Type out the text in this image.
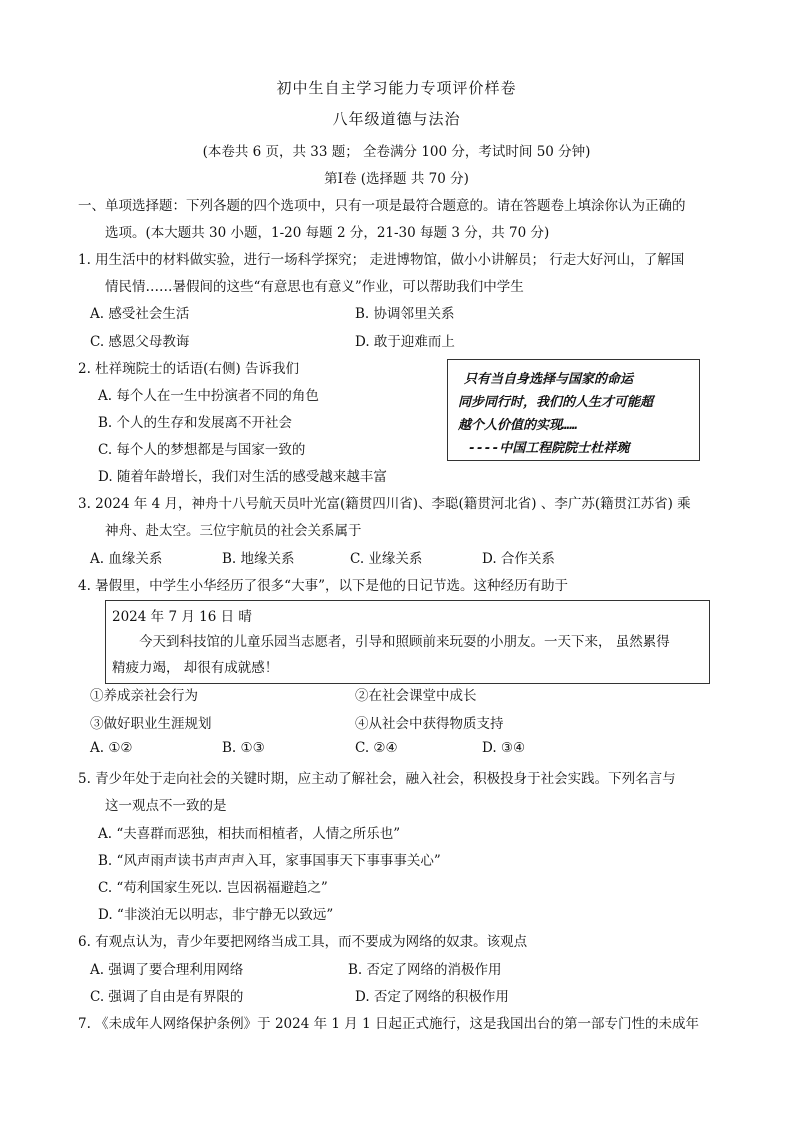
初中生自主学习能力专项评价样卷
八年级道德与法治
(本卷共 6 页，共 33 题； 全卷满分 100 分，考试时间 50 分钟)
第Ⅰ卷 (选择题 共 70 分)
一、单项选择题：下列各题的四个选项中，只有一项是最符合题意的。请在答题卷上填涂你认为正确的
选项。(本大题共 30 小题，1-20 每题 2 分，21-30 每题 3 分，共 70 分)
1. 用生活中的材料做实验，进行一场科学探究； 走进博物馆，做小小讲解员； 行走大好河山，了解国
情民情……暑假间的这些“有意思也有意义”作业，可以帮助我们中学生
A. 感受社会生活	B. 协调邻里关系
C. 感恩父母教诲	D. 敢于迎难而上
2. 杜祥琬院士的话语(右侧) 告诉我们
A. 每个人在一生中扮演者不同的角色
B. 个人的生存和发展离不开社会
C. 每个人的梦想都是与国家一致的
D. 随着年龄增长，我们对生活的感受越来越丰富
只有当自身选择与国家的命运
同步同行时，我们的人生才可能超
越个人价值的实现……
----中国工程院院士杜祥琬
3. 2024 年 4 月，神舟十八号航天员叶光富(籍贯四川省)、李聪(籍贯河北省) 、李广苏(籍贯江苏省) 乘
神舟、赴太空。三位宇航员的社会关系属于
A. 血缘关系	B. 地缘关系	C. 业缘关系	D. 合作关系
4. 暑假里，中学生小华经历了很多“大事”，以下是他的日记节选。这种经历有助于
2024 年 7 月 16 日 晴
今天到科技馆的儿童乐园当志愿者，引导和照顾前来玩耍的小朋友。一天下来， 虽然累得
精疲力竭， 却很有成就感！
①养成亲社会行为	②在社会课堂中成长
③做好职业生涯规划	④从社会中获得物质支持
A. ①②	B. ①③	C. ②④	D. ③④
5. 青少年处于走向社会的关键时期，应主动了解社会，融入社会，积极投身于社会实践。下列名言与
这一观点不一致的是
A. “夫喜群而恶独，相扶而相植者，人情之所乐也”
B. “风声雨声读书声声声入耳，家事国事天下事事事关心”
C. “苟利国家生死以. 岂因祸福避趋之”
D. “非淡泊无以明志，非宁静无以致远”
6. 有观点认为，青少年要把网络当成工具，而不要成为网络的奴隶。该观点
A. 强调了要合理利用网络	B. 否定了网络的消极作用
C. 强调了自由是有界限的	D. 否定了网络的积极作用
7. 《未成年人网络保护条例》于 2024 年 1 月 1 日起正式施行，这是我国出台的第一部专门性的未成年
